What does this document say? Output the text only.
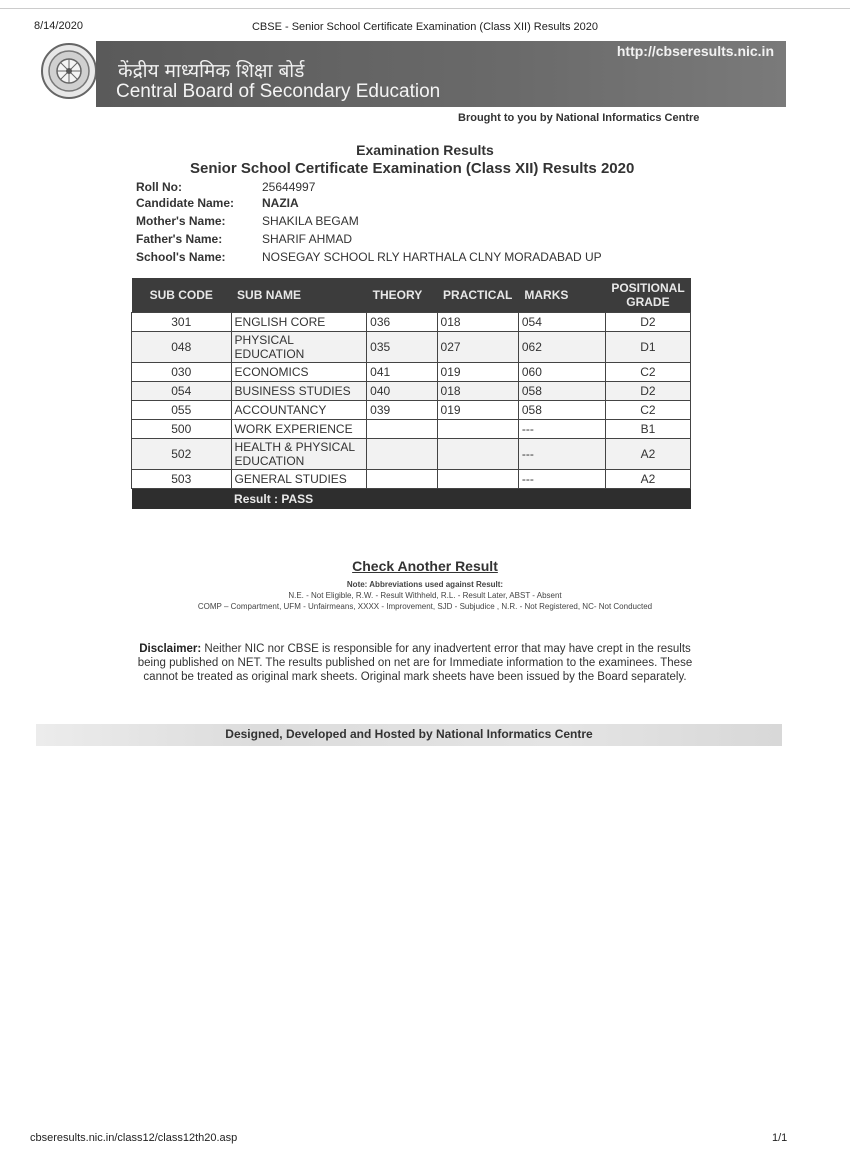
8/14/2020	CBSE - Senior School Certificate Examination (Class XII) Results 2020
http://cbseresults.nic.in
केंद्रीय माध्यमिक शिक्षा बोर्ड
Central Board of Secondary Education
Brought to you by National Informatics Centre
Examination Results
Senior School Certificate Examination (Class XII) Results 2020
Roll No:	25644997
Candidate Name: NAZIA
Mother's Name:	SHAKILA BEGAM
Father's Name:	SHARIF AHMAD
School's Name:	NOSEGAY SCHOOL RLY HARTHALA CLNY MORADABAD UP
SUB CODE	SUB NAME	THEORY	PRACTICAL	MARKS	POSITIONAL GRADE
301	ENGLISH CORE	036	018	054	D2
048	PHYSICAL EDUCATION	035	027	062	D1
030	ECONOMICS	041	019	060	C2
054	BUSINESS STUDIES	040	018	058	D2
055	ACCOUNTANCY	039	019	058	C2
500	WORK EXPERIENCE			---	B1
502	HEALTH & PHYSICAL EDUCATION			---	A2
503	GENERAL STUDIES			---	A2
	Result : PASS				
Check Another Result
Note: Abbreviations used against Result:
N.E. - Not Eligible, R.W. - Result Withheld, R.L. - Result Later, ABST - Absent
COMP – Compartment, UFM - Unfairmeans, XXXX - Improvement, SJD - Subjudice , N.R. - Not Registered, NC- Not Conducted
Disclaimer: Neither NIC nor CBSE is responsible for any inadvertent error that may have crept in the results being published on NET. The results published on net are for Immediate information to the examinees. These cannot be treated as original mark sheets. Original mark sheets have been issued by the Board separately.
Designed, Developed and Hosted by National Informatics Centre
cbseresults.nic.in/class12/class12th20.asp	1/1
